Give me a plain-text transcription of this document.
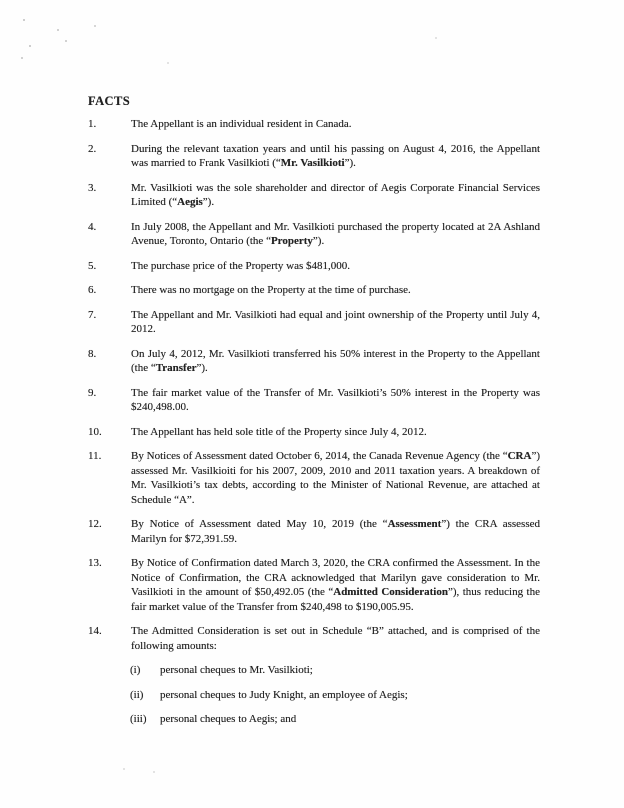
FACTS
1.	The Appellant is an individual resident in Canada.
2.	During the relevant taxation years and until his passing on August 4, 2016, the Appellant was married to Frank Vasilkioti (“Mr. Vasilkioti”).
3.	Mr. Vasilkioti was the sole shareholder and director of Aegis Corporate Financial Services Limited (“Aegis”).
4.	In July 2008, the Appellant and Mr. Vasilkioti purchased the property located at 2A Ashland Avenue, Toronto, Ontario (the “Property”).
5.	The purchase price of the Property was $481,000.
6.	There was no mortgage on the Property at the time of purchase.
7.	The Appellant and Mr. Vasilkioti had equal and joint ownership of the Property until July 4, 2012.
8.	On July 4, 2012, Mr. Vasilkioti transferred his 50% interest in the Property to the Appellant (the “Transfer”).
9.	The fair market value of the Transfer of Mr. Vasilkioti’s 50% interest in the Property was $240,498.00.
10.	The Appellant has held sole title of the Property since July 4, 2012.
11.	By Notices of Assessment dated October 6, 2014, the Canada Revenue Agency (the “CRA”) assessed Mr. Vasilkioiti for his 2007, 2009, 2010 and 2011 taxation years. A breakdown of Mr. Vasilkioti’s tax debts, according to the Minister of National Revenue, are attached at Schedule “A”.
12.	By Notice of Assessment dated May 10, 2019 (the “Assessment”) the CRA assessed Marilyn for $72,391.59.
13.	By Notice of Confirmation dated March 3, 2020, the CRA confirmed the Assessment. In the Notice of Confirmation, the CRA acknowledged that Marilyn gave consideration to Mr. Vasilkioti in the amount of $50,492.05 (the “Admitted Consideration”), thus reducing the fair market value of the Transfer from $240,498 to $190,005.95.
14.	The Admitted Consideration is set out in Schedule “B” attached, and is comprised of the following amounts:
(i)	personal cheques to Mr. Vasilkioti;
(ii)	personal cheques to Judy Knight, an employee of Aegis;
(iii)	personal cheques to Aegis; and
